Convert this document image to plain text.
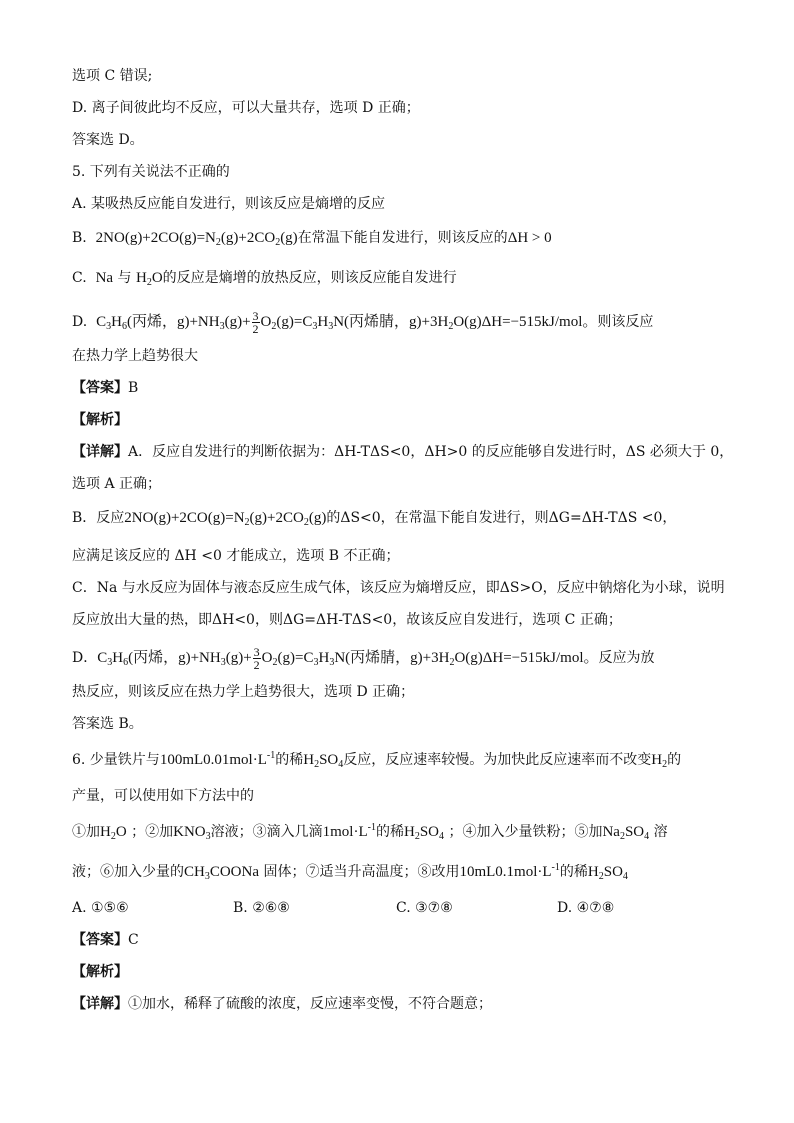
选项 C 错误;
D. 离子间彼此均不反应，可以大量共存，选项 D 正确；
答案选 D。
5. 下列有关说法不正确的
A. 某吸热反应能自发进行，则该反应是熵增的反应
B. $2NO(g)+2CO(g)=N_2(g)+2CO_2(g)$在常温下能自发进行，则该反应的ΔH > 0
C. Na 与 $H_2O$的反应是熵增的放热反应，则该反应能自发进行
D. $C_3H_6$(丙烯，$g)+NH_3(g)+ \frac{3}{2} O_2(g)=C_3H_3N$(丙烯腈，$g)+3H_2O(g)\Delta H=-515kJ$/mol。则该反应
在热力学上趋势很大
【答案】B
【解析】
【详解】A．反应自发进行的判断依据为：ΔH-TΔS<0，ΔH>0 的反应能够自发进行时，ΔS 必须大于 0，
选项 A 正确；
B．反应$2NO(g)+2CO(g)=N_2(g)+2CO_2(g)$的ΔS<0，在常温下能自发进行，则ΔG=ΔH-TΔS <0，
应满足该反应的 ΔH <0 才能成立，选项 B 不正确；
C．Na 与水反应为固体与液态反应生成气体，该反应为熵增反应，即ΔS>O，反应中钠熔化为小球，说明
反应放出大量的热，即ΔH<0，则ΔG=ΔH-TΔS<0，故该反应自发进行，选项 C 正确；
D．$C_3H_6$(丙烯，$g)+NH_3(g)+ \frac{3}{2} O_2(g)=C_3H_3N$(丙烯腈，$g)+3H_2O(g)\Delta H=-515kJ$/mol。反应为放
热反应，则该反应在热力学上趋势很大，选项 D 正确；
答案选 B。
6. 少量铁片与$100mL0.01mol\cdot L^{-1}$的稀$H_2SO_4$反应，反应速率较慢。为加快此反应速率而不改变$H_2$的
产量，可以使用如下方法中的
①加$H_2O$ ；②加$KNO_3$溶液；③滴入几滴$1mol\cdot L^{-1}$的稀$H_2SO_4$ ；④加入少量铁粉；⑤加$Na_2SO_4$ 溶
液；⑥加入少量的$CH_3COONa$ 固体；⑦适当升高温度；⑧改用$10mL0.1mol\cdot L^{-1}$的稀$H_2SO_4$
A. ①⑤⑥	B. ②⑥⑧	C. ③⑦⑧	D. ④⑦⑧
【答案】C
【解析】
【详解】①加水，稀释了硫酸的浓度，反应速率变慢，不符合题意；
